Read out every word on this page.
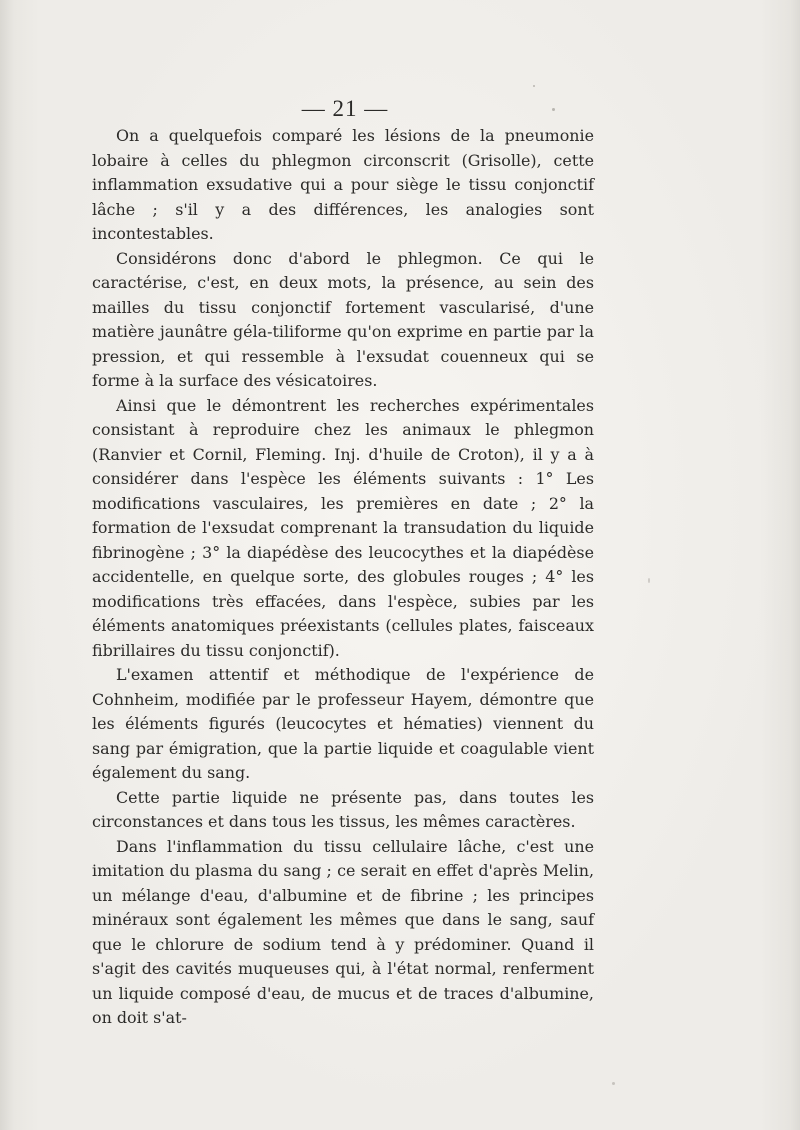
— 21 —

On a quelquefois comparé les lésions de la pneumonie lobaire à celles du phlegmon circonscrit (Grisolle), cette inflammation exsudative qui a pour siège le tissu conjonctif lâche ; s'il y a des différences, les analogies sont incontestables.

Considérons donc d'abord le phlegmon. Ce qui le caractérise, c'est, en deux mots, la présence, au sein des mailles du tissu conjonctif fortement vascularisé, d'une matière jaunâtre géla-tiliforme qu'on exprime en partie par la pression, et qui ressemble à l'exsudat couenneux qui se forme à la surface des vésicatoires.

Ainsi que le démontrent les recherches expérimentales consistant à reproduire chez les animaux le phlegmon (Ranvier et Cornil, Fleming. Inj. d'huile de Croton), il y a à considérer dans l'espèce les éléments suivants : 1° Les modifications vasculaires, les premières en date ; 2° la formation de l'exsudat comprenant la transudation du liquide fibrinogène ; 3° la diapédèse des leucocythes et la diapédèse accidentelle, en quelque sorte, des globules rouges ; 4° les modifications très effacées, dans l'espèce, subies par les éléments anatomiques préexistants (cellules plates, faisceaux fibrillaires du tissu conjonctif).

L'examen attentif et méthodique de l'expérience de Cohnheim, modifiée par le professeur Hayem, démontre que les éléments figurés (leucocytes et hématies) viennent du sang par émigration, que la partie liquide et coagulable vient également du sang.

Cette partie liquide ne présente pas, dans toutes les circonstances et dans tous les tissus, les mêmes caractères.

Dans l'inflammation du tissu cellulaire lâche, c'est une imitation du plasma du sang ; ce serait en effet d'après Melin, un mélange d'eau, d'albumine et de fibrine ; les principes minéraux sont également les mêmes que dans le sang, sauf que le chlorure de sodium tend à y prédominer. Quand il s'agit des cavités muqueuses qui, à l'état normal, renferment un liquide composé d'eau, de mucus et de traces d'albumine, on doit s'at-
